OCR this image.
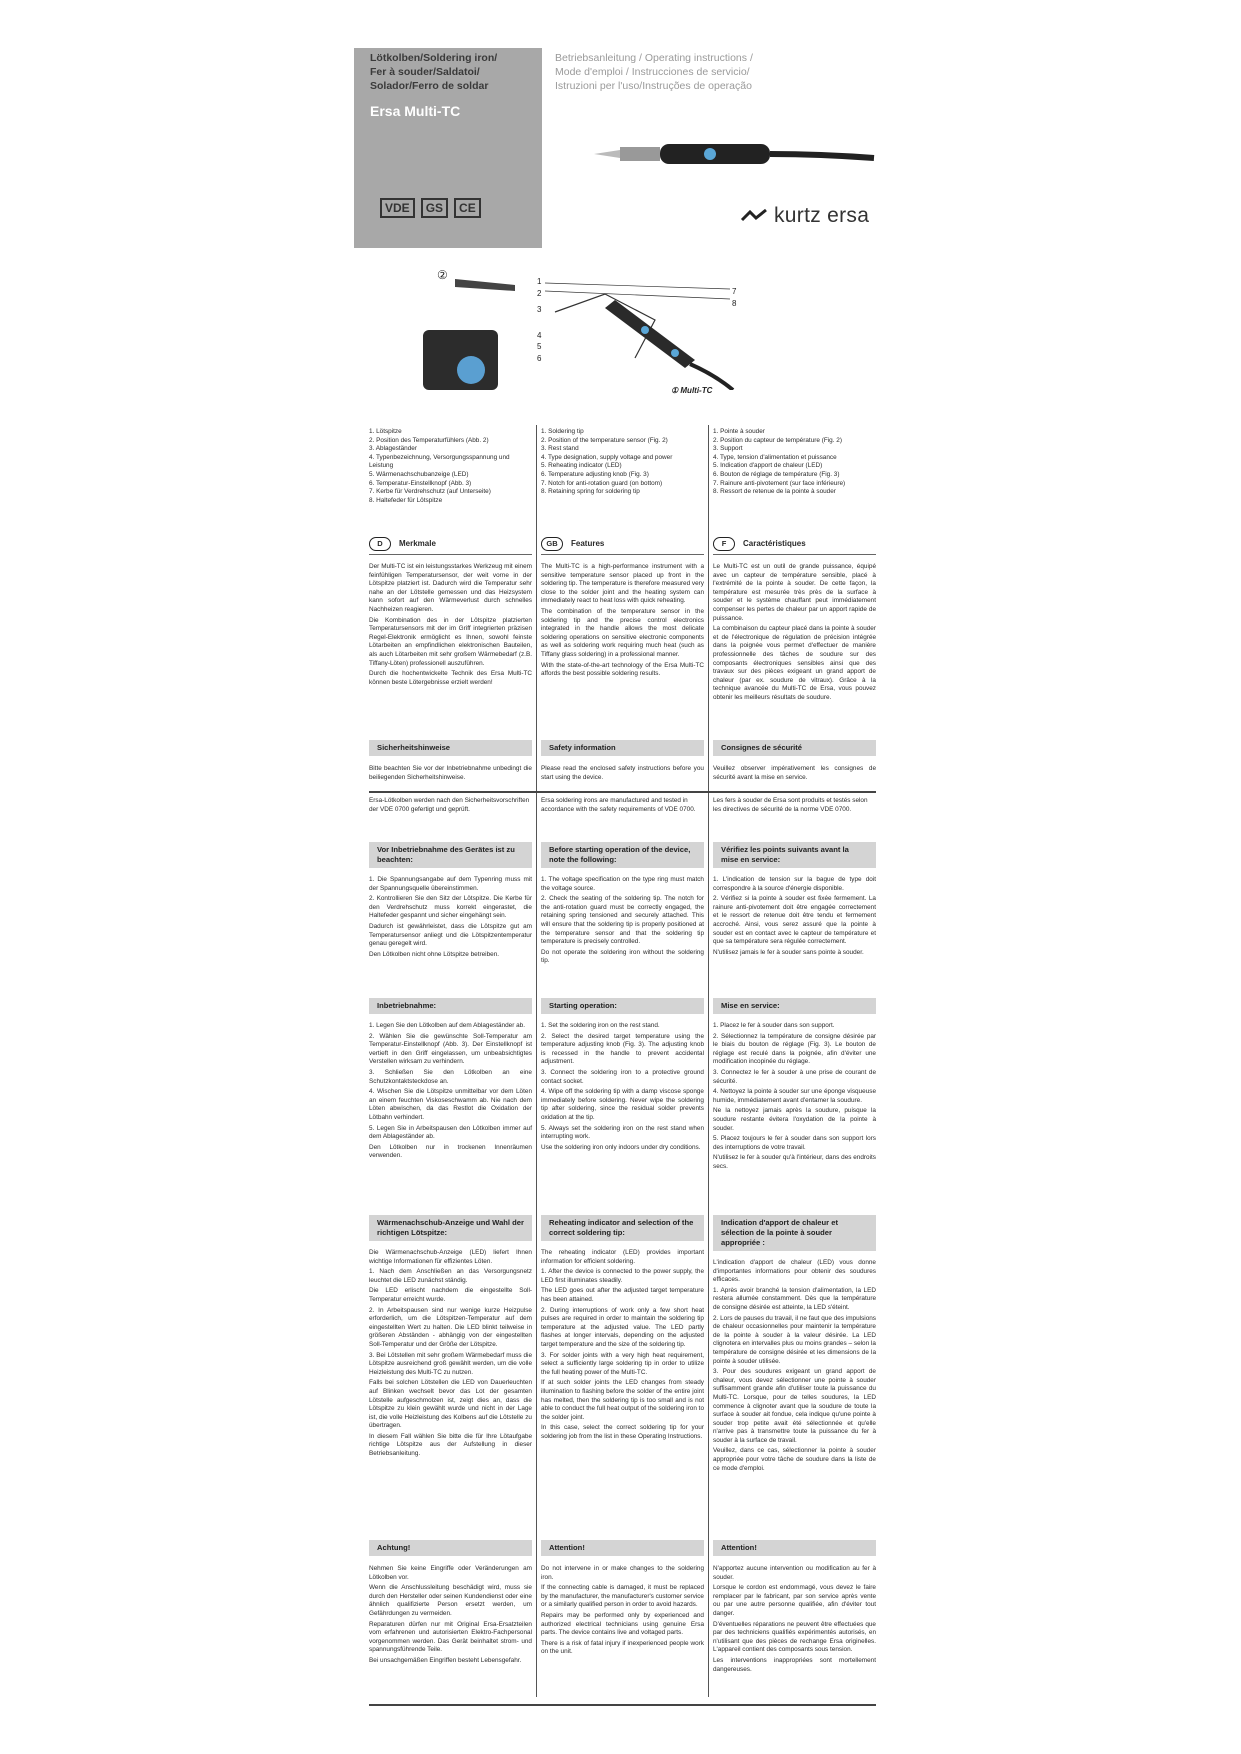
Lötkolben/Soldering iron/
Fer à souder/Saldatoi/
Solador/Ferro de soldar
Ersa Multi-TC
VDE	GS	CE
Betriebsanleitung / Operating instructions /
Mode d'emploi / Instrucciones de servicio/
Istruzioni per l'uso/Instruções de operação
kurtz ersa
②	1
2
3
4
5
6
7
8
① Multi-TC
1. Lötspitze
2. Position des Temperaturfühlers (Abb. 2)
3. Ablageständer
4. Typenbezeichnung, Versorgungsspannung und Leistung
5. Wärmenachschubanzeige (LED)
6. Temperatur-Einstellknopf (Abb. 3)
7. Kerbe für Verdrehschutz (auf Unterseite)
8. Haltefeder für Lötspitze
1. Soldering tip
2. Position of the temperature sensor (Fig. 2)
3. Rest stand
4. Type designation, supply voltage and power
5. Reheating indicator (LED)
6. Temperature adjusting knob (Fig. 3)
7. Notch for anti-rotation guard (on bottom)
8. Retaining spring for soldering tip
1. Pointe à souder
2. Position du capteur de température (Fig. 2)
3. Support
4. Type, tension d'alimentation et puissance
5. Indication d'apport de chaleur (LED)
6. Bouton de réglage de température (Fig. 3)
7. Rainure anti-pivotement (sur face inférieure)
8. Ressort de retenue de la pointe à souder
D	Merkmale

Der Multi-TC ist ein leistungsstarkes Werkzeug mit einem feinfühligen Temperatursensor, der weit vorne in der Lötspitze platziert ist. Dadurch wird die Temperatur sehr nahe an der Lötstelle gemessen und das Heizsystem kann sofort auf den Wärmeverlust durch schnelles Nachheizen reagieren.

Die Kombination des in der Lötspitze platzierten Temperatursensors mit der im Griff integrierten präzisen Regel-Elektronik ermöglicht es Ihnen, sowohl feinste Lötarbeiten an empfindlichen elektronischen Bauteilen, als auch Lötarbeiten mit sehr großem Wärmebedarf (z.B. Tiffany-Löten) professionell auszuführen.

Durch die hochentwickelte Technik des Ersa Multi-TC können beste Lötergebnisse erzielt werden!

GB	Features

The Multi-TC is a high-performance instrument with a sensitive temperature sensor placed up front in the soldering tip. The temperature is therefore measured very close to the solder joint and the heating system can immediately react to heat loss with quick reheating.

The combination of the temperature sensor in the soldering tip and the precise control electronics integrated in the handle allows the most delicate soldering operations on sensitive electronic components as well as soldering work requiring much heat (such as Tiffany glass soldering) in a professional manner.

With the state-of-the-art technology of the Ersa Multi-TC affords the best possible soldering results.

F	Caractéristiques

Le Multi-TC est un outil de grande puissance, équipé avec un capteur de température sensible, placé à l'extrémité de la pointe à souder. De cette façon, la température est mesurée très près de la surface à souder et le système chauffant peut immédiatement compenser les pertes de chaleur par un apport rapide de puissance.

La combinaison du capteur placé dans la pointe à souder et de l'électronique de régulation de précision intégrée dans la poignée vous permet d'effectuer de manière professionnelle des tâches de soudure sur des composants électroniques sensibles ainsi que des travaux sur des pièces exigeant un grand apport de chaleur (par ex. soudure de vitraux). Grâce à la technique avancée du Multi-TC de Ersa, vous pouvez obtenir les meilleurs résultats de soudure.

Sicherheitshinweise

Bitte beachten Sie vor der Inbetriebnahme unbedingt die beiliegenden Sicherheitshinweise.

Safety information

Please read the enclosed safety instructions before you start using the device.

Consignes de sécurité

Veuillez observer impérativement les consignes de sécurité avant la mise en service.

Ersa-Lötkolben werden nach den Sicherheitsvorschriften der VDE 0700 gefertigt und geprüft.
Ersa soldering irons are manufactured and tested in accordance with the safety requirements of VDE 0700.
Les fers à souder de Ersa sont produits et testés selon les directives de sécurité de la norme VDE 0700.
Vor Inbetriebnahme des Gerätes ist zu beachten:

1. Die Spannungsangabe auf dem Typenring muss mit der Spannungsquelle übereinstimmen.

2. Kontrollieren Sie den Sitz der Lötspitze. Die Kerbe für den Verdrehschutz muss korrekt eingerastet, die Haltefeder gespannt und sicher eingehängt sein.

Dadurch ist gewährleistet, dass die Lötspitze gut am Temperatursensor anliegt und die Lötspitzentemperatur genau geregelt wird.

Den Lötkolben nicht ohne Lötspitze betreiben.

Before starting operation of the device, note the following:

1. The voltage specification on the type ring must match the voltage source.

2. Check the seating of the soldering tip. The notch for the anti-rotation guard must be correctly engaged, the retaining spring tensioned and securely attached. This will ensure that the soldering tip is properly positioned at the temperature sensor and that the soldering tip temperature is precisely controlled.

Do not operate the soldering iron without the soldering tip.

Vérifiez les points suivants avant la mise en service:

1. L'indication de tension sur la bague de type doit correspondre à la source d'énergie disponible.

2. Vérifiez si la pointe à souder est fixée fermement. La rainure anti-pivotement doit être engagée correctement et le ressort de retenue doit être tendu et fermement accroché. Ainsi, vous serez assuré que la pointe à souder est en contact avec le capteur de température et que sa température sera régulée correctement.

N'utilisez jamais le fer à souder sans pointe à souder.

Inbetriebnahme:

1. Legen Sie den Lötkolben auf dem Ablageständer ab.

2. Wählen Sie die gewünschte Soll-Temperatur am Temperatur-Einstellknopf (Abb. 3). Der Einstellknopf ist vertieft in den Griff eingelassen, um unbeabsichtigtes Verstellen wirksam zu verhindern.

3. Schließen Sie den Lötkolben an eine Schutzkontaktsteckdose an.

4. Wischen Sie die Lötspitze unmittelbar vor dem Löten an einem feuchten Viskoseschwamm ab. Nie nach dem Löten abwischen, da das Restlot die Oxidation der Lötbahn verhindert.

5. Legen Sie in Arbeitspausen den Lötkolben immer auf dem Ablageständer ab.

Den Lötkolben nur in trockenen Innenräumen verwenden.

Starting operation:

1. Set the soldering iron on the rest stand.

2. Select the desired target temperature using the temperature adjusting knob (Fig. 3). The adjusting knob is recessed in the handle to prevent accidental adjustment.

3. Connect the soldering iron to a protective ground contact socket.

4. Wipe off the soldering tip with a damp viscose sponge immediately before soldering. Never wipe the soldering tip after soldering, since the residual solder prevents oxidation at the tip.

5. Always set the soldering iron on the rest stand when interrupting work.

Use the soldering iron only indoors under dry conditions.

Mise en service:

1. Placez le fer à souder dans son support.

2. Sélectionnez la température de consigne désirée par le biais du bouton de réglage (Fig. 3). Le bouton de réglage est reculé dans la poignée, afin d'éviter une modification incopinée du réglage.

3. Connectez le fer à souder à une prise de courant de sécurité.

4. Nettoyez la pointe à souder sur une éponge visqueuse humide, immédiatement avant d'entamer la soudure.

Ne la nettoyez jamais après la soudure, puisque la soudure restante évitera l'oxydation de la pointe à souder.

5. Placez toujours le fer à souder dans son support lors des interruptions de votre travail.

N'utilisez le fer à souder qu'à l'intérieur, dans des endroits secs.

Wärmenachschub-Anzeige und Wahl der richtigen Lötspitze:

Die Wärmenachschub-Anzeige (LED) liefert Ihnen wichtige Informationen für effizientes Löten.

1. Nach dem Anschließen an das Versorgungsnetz leuchtet die LED zunächst ständig.

Die LED erlischt nachdem die eingestellte Soll-Temperatur erreicht wurde.

2. In Arbeitspausen sind nur wenige kurze Heizpulse erforderlich, um die Lötspitzen-Temperatur auf dem eingestellten Wert zu halten. Die LED blinkt teilweise in größeren Abständen - abhängig von der eingestellten Soll-Temperatur und der Größe der Lötspitze.

3. Bei Lötstellen mit sehr großem Wärmebedarf muss die Lötspitze ausreichend groß gewählt werden, um die volle Heizleistung des Multi-TC zu nutzen.

Falls bei solchen Lötstellen die LED von Dauerleuchten auf Blinken wechselt bevor das Lot der gesamten Lötstelle aufgeschmolzen ist, zeigt dies an, dass die Lötspitze zu klein gewählt wurde und nicht in der Lage ist, die volle Heizleistung des Kolbens auf die Lötstelle zu übertragen.

In diesem Fall wählen Sie bitte die für Ihre Lötaufgabe richtige Lötspitze aus der Aufstellung in dieser Betriebsanleitung.

Reheating indicator and selection of the correct soldering tip:

The reheating indicator (LED) provides important information for efficient soldering.

1. After the device is connected to the power supply, the LED first illuminates steadily.

The LED goes out after the adjusted target temperature has been attained.

2. During interruptions of work only a few short heat pulses are required in order to maintain the soldering tip temperature at the adjusted value. The LED partly flashes at longer intervals, depending on the adjusted target temperature and the size of the soldering tip.

3. For solder joints with a very high heat requirement, select a sufficiently large soldering tip in order to utilize the full heating power of the Multi-TC.

If at such solder joints the LED changes from steady illumination to flashing before the solder of the entire joint has melted, then the soldering tip is too small and is not able to conduct the full heat output of the soldering iron to the solder joint.

In this case, select the correct soldering tip for your soldering job from the list in these Operating Instructions.

Indication d'apport de chaleur et sélection de la pointe à souder appropriée :

L'indication d'apport de chaleur (LED) vous donne d'importantes informations pour obtenir des soudures efficaces.

1. Après avoir branché la tension d'alimentation, la LED restera allumée constamment. Dès que la température de consigne désirée est atteinte, la LED s'éteint.

2. Lors de pauses du travail, il ne faut que des impulsions de chaleur occasionnelles pour maintenir la température de la pointe à souder à la valeur désirée. La LED clignotera en intervalles plus ou moins grandes – selon la température de consigne désirée et les dimensions de la pointe à souder utilisée.

3. Pour des soudures exigeant un grand apport de chaleur, vous devez sélectionner une pointe à souder suffisamment grande afin d'utiliser toute la puissance du Multi-TC. Lorsque, pour de telles soudures, la LED commence à clignoter avant que la soudure de toute la surface à souder ait fondue, cela indique qu'une pointe à souder trop petite avait été sélectionnée et qu'elle n'arrive pas à transmettre toute la puissance du fer à souder à la surface de travail.

Veuillez, dans ce cas, sélectionner la pointe à souder appropriée pour votre tâche de soudure dans la liste de ce mode d'emploi.

Achtung!

Nehmen Sie keine Eingriffe oder Veränderungen am Lötkolben vor.

Wenn die Anschlussleitung beschädigt wird, muss sie durch den Hersteller oder seinen Kundendienst oder eine ähnlich qualifizierte Person ersetzt werden, um Gefährdungen zu vermeiden.

Reparaturen dürfen nur mit Original Ersa-Ersatzteilen vom erfahrenen und autorisierten Elektro-Fachpersonal vorgenommen werden. Das Gerät beinhaltet strom- und spannungsführende Teile.

Bei unsachgemäßen Eingriffen besteht Lebensgefahr.

Attention!

Do not intervene in or make changes to the soldering iron.

If the connecting cable is damaged, it must be replaced by the manufacturer, the manufacturer's customer service or a similarly qualified person in order to avoid hazards.

Repairs may be performed only by experienced and authorized electrical technicians using genuine Ersa parts. The device contains live and voltaged parts.

There is a risk of fatal injury if inexperienced people work on the unit.

Attention!

N'apportez aucune intervention ou modification au fer à souder.

Lorsque le cordon est endommagé, vous devez le faire remplacer par le fabricant, par son service après vente ou par une autre personne qualifiée, afin d'éviter tout danger.

D'éventuelles réparations ne peuvent être effectuées que par des techniciens qualifiés expérimentés autorisés, en n'utilisant que des pièces de rechange Ersa originelles. L'appareil contient des composants sous tension.

Les interventions inappropriées sont mortellement dangereuses.
